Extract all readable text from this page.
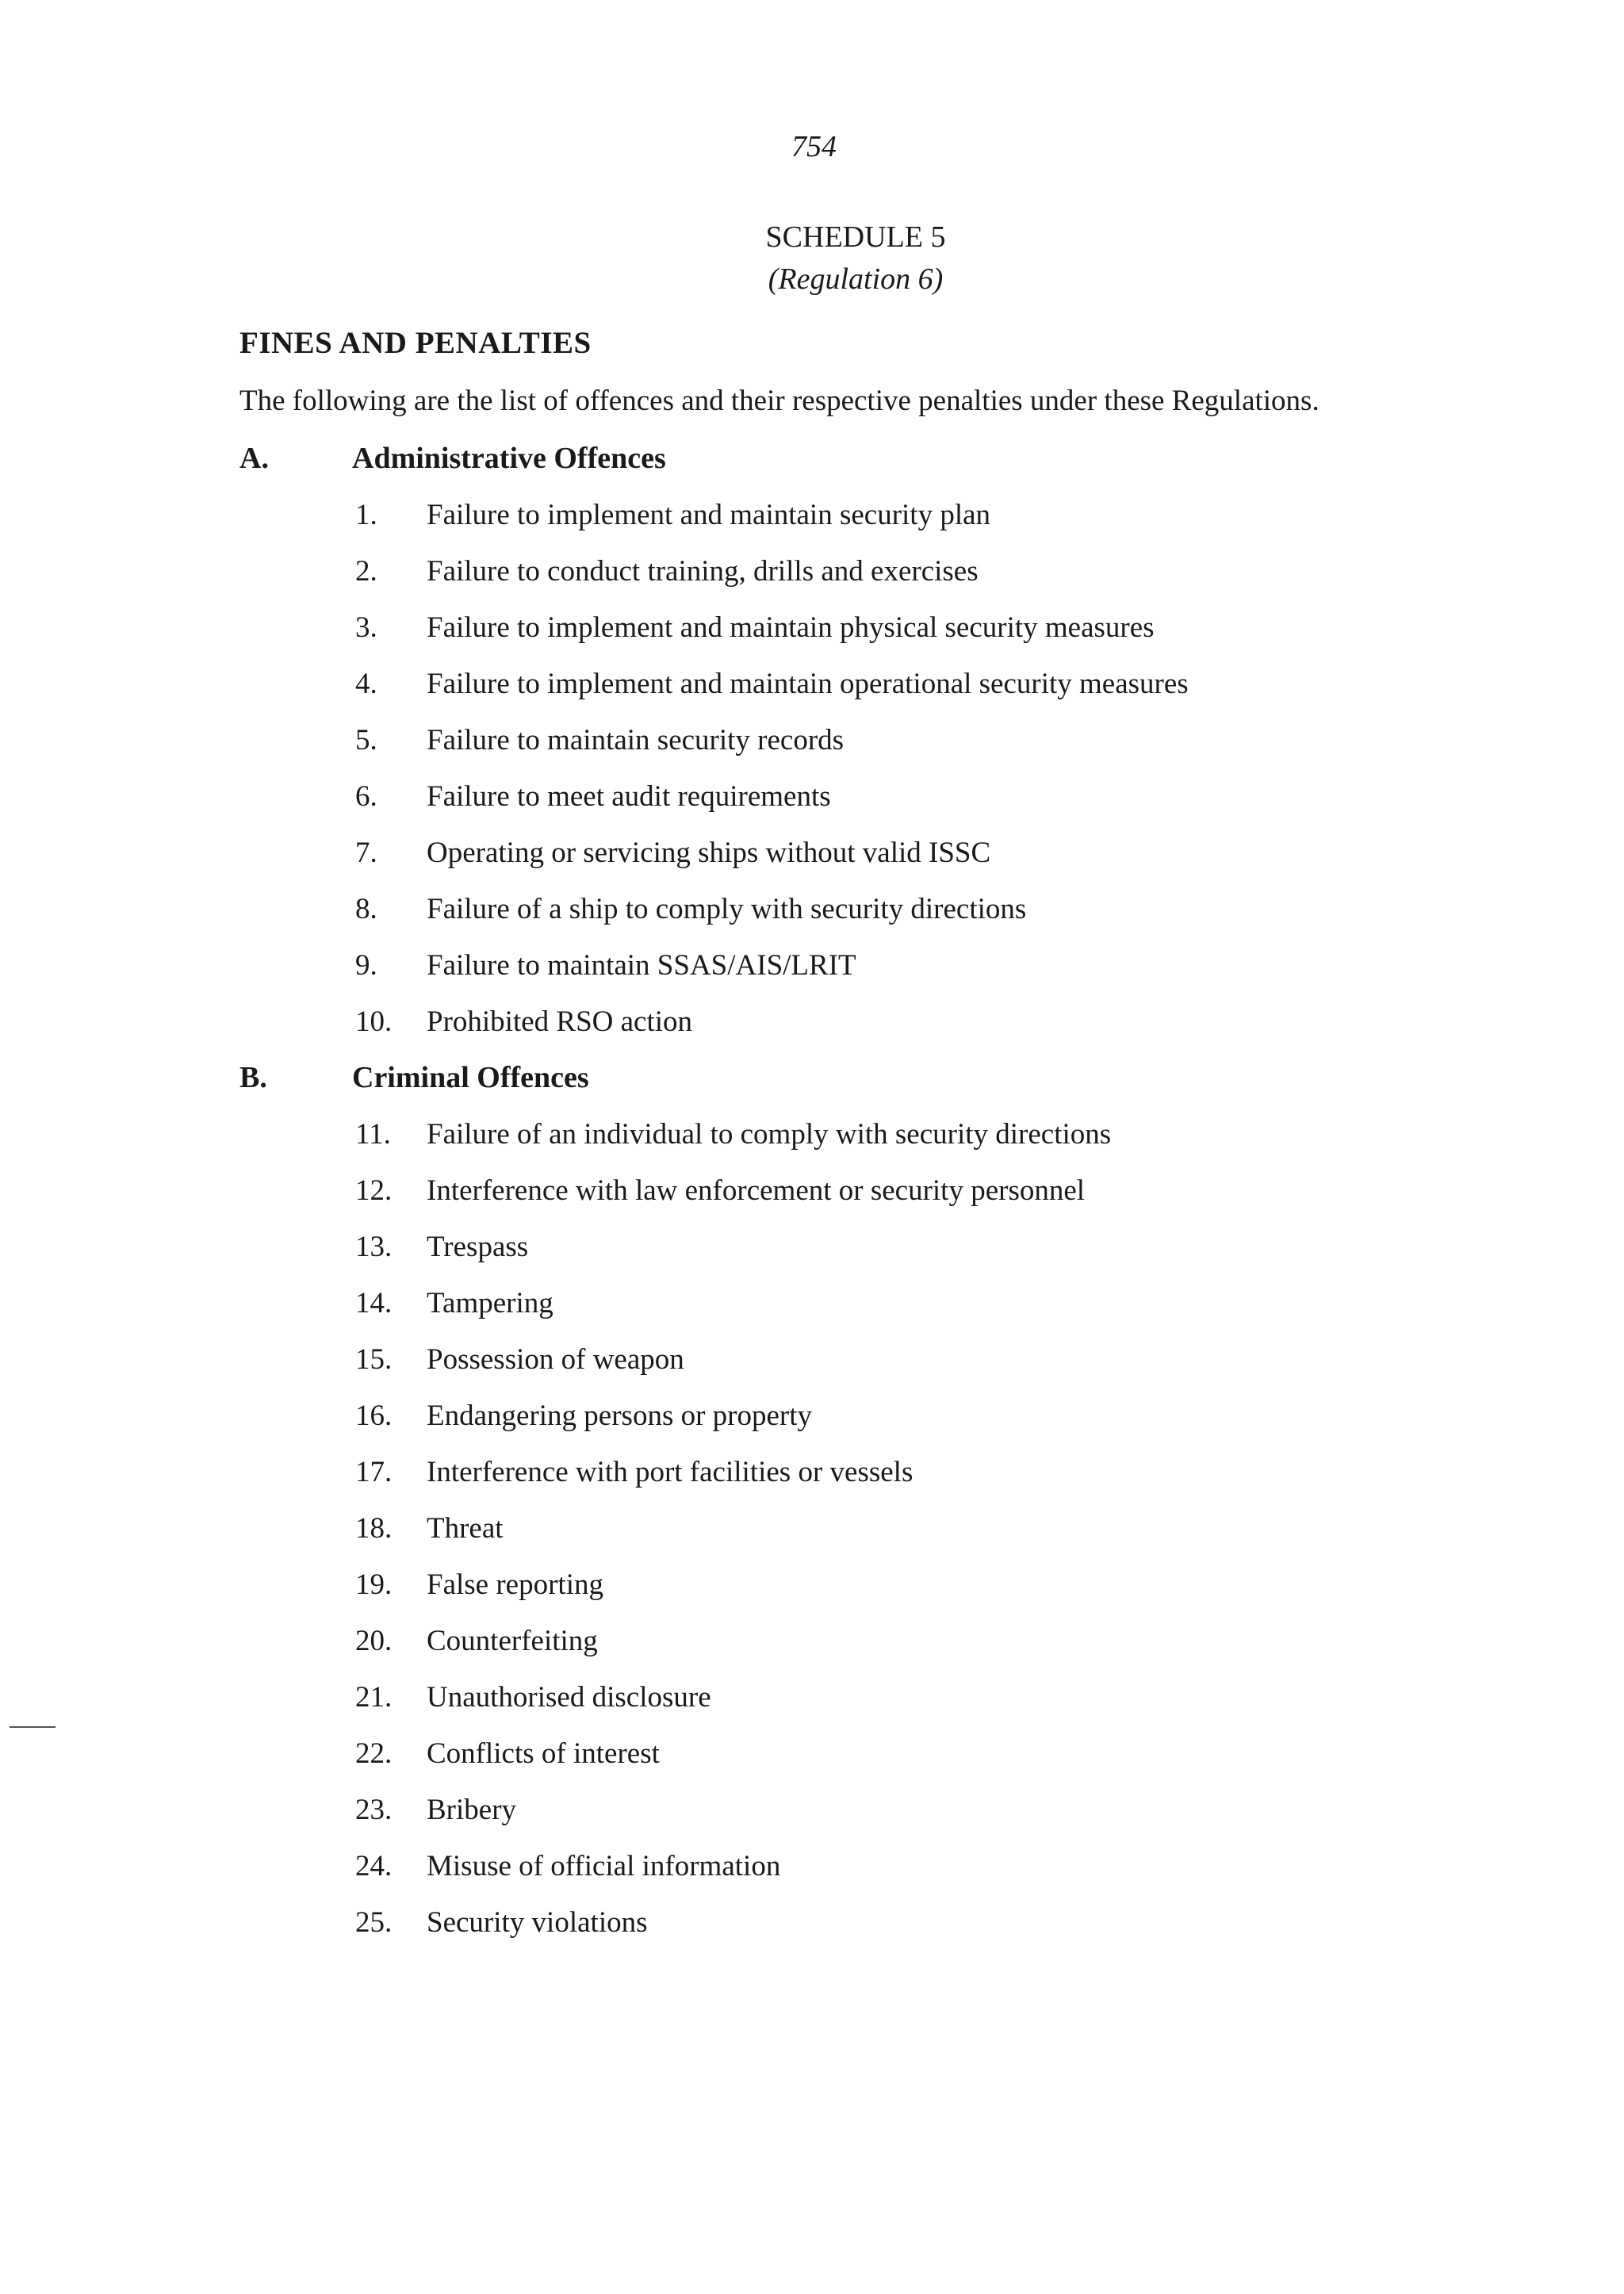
754
SCHEDULE 5
(Regulation 6)
FINES AND PENALTIES
The following are the list of offences and their respective penalties under these Regulations.
A.	Administrative Offences
1. Failure to implement and maintain security plan
2. Failure to conduct training, drills and exercises
3. Failure to implement and maintain physical security measures
4. Failure to implement and maintain operational security measures
5. Failure to maintain security records
6. Failure to meet audit requirements
7. Operating or servicing ships without valid ISSC
8. Failure of a ship to comply with security directions
9. Failure to maintain SSAS/AIS/LRIT
10. Prohibited RSO action
B.	Criminal Offences
11. Failure of an individual to comply with security directions
12. Interference with law enforcement or security personnel
13. Trespass
14. Tampering
15. Possession of weapon
16. Endangering persons or property
17. Interference with port facilities or vessels
18. Threat
19. False reporting
20. Counterfeiting
21. Unauthorised disclosure
22. Conflicts of interest
23. Bribery
24. Misuse of official information
25. Security violations
